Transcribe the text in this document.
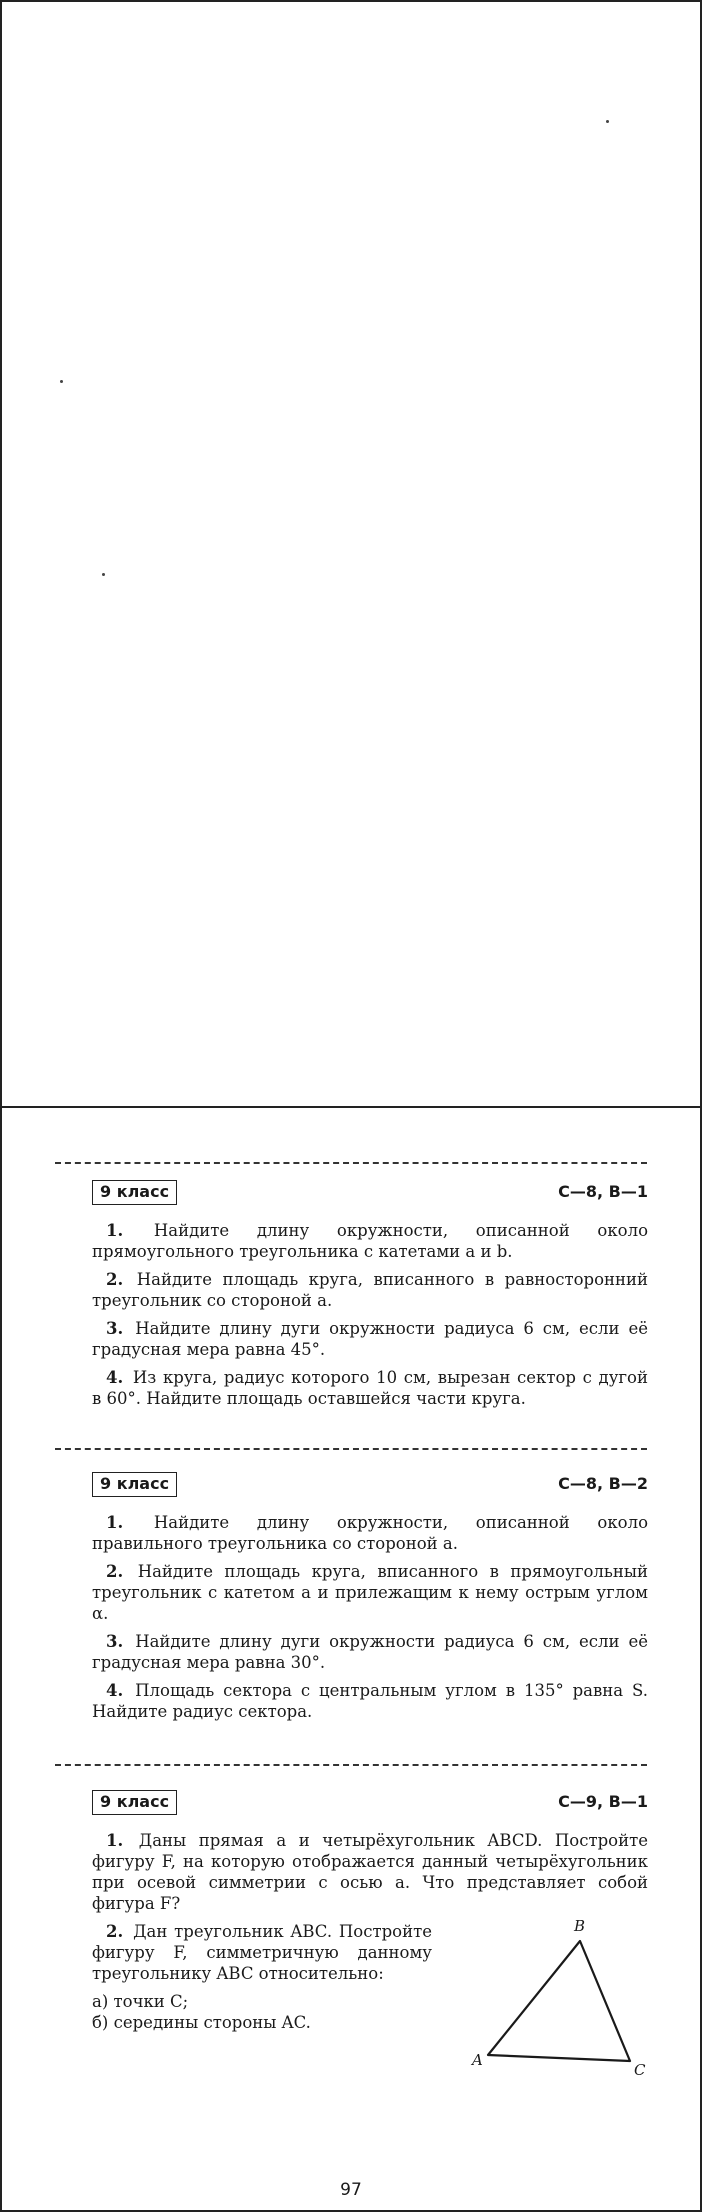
9 класс	С—8, В—1

1. Найдите длину окружности, описанной около прямоугольного треугольника с катетами a и b.

2. Найдите площадь круга, вписанного в равносторонний треугольник со стороной a.

3. Найдите длину дуги окружности радиуса 6 см, если её градусная мера равна 45°.

4. Из круга, радиус которого 10 см, вырезан сектор с дугой в 60°. Найдите площадь оставшейся части круга.

9 класс	С—8, В—2

1. Найдите длину окружности, описанной около правильного треугольника со стороной a.

2. Найдите площадь круга, вписанного в прямоугольный треугольник с катетом a и прилежащим к нему острым углом α.

3. Найдите длину дуги окружности радиуса 6 см, если её градусная мера равна 30°.

4. Площадь сектора с центральным углом в 135° равна S. Найдите радиус сектора.

9 класс	С—9, В—1

1. Даны прямая a и четырёхугольник ABCD. Постройте фигуру F, на которую отображается данный четырёхугольник при осевой симметрии с осью a. Что представляет собой фигура F?

2. Дан треугольник ABC. Постройте фигуру F, симметричную данному треугольнику ABC относительно:

а) точки C;
б) середины стороны AC.
B
A
C
97
